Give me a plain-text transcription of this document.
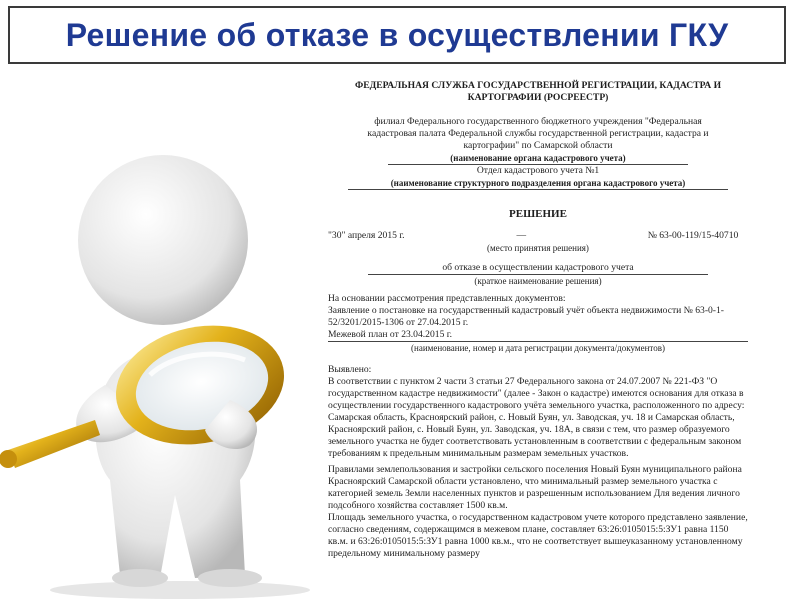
Решение об отказе в осуществлении ГКУ

ФЕДЕРАЛЬНАЯ СЛУЖБА ГОСУДАРСТВЕННОЙ РЕГИСТРАЦИИ, КАДАСТРА И КАРТОГРАФИИ (РОСРЕЕСТР)

филиал Федерального государственного бюджетного учреждения "Федеральная кадастровая палата Федеральной службы государственной регистрации, кадастра и картографии" по Самарской области

(наименование органа кадастрового учета)

Отдел кадастрового учета №1

(наименование структурного подразделения органа кадастрового учета)

РЕШЕНИЕ

"30" апреля 2015 г.	—	№ 63-00-119/15-40710

(место принятия решения)

об отказе в осуществлении кадастрового учета

(краткое наименование решения)

На основании рассмотрения представленных документов:

Заявление о постановке на государственный кадастровый учёт объекта недвижимости № 63-0-1-52/3201/2015-1306 от 27.04.2015 г.

Межевой план от 23.04.2015 г.

(наименование, номер и дата регистрации документа/документов)

Выявлено:

В соответствии с пунктом 2 части 3 статьи 27 Федерального закона от 24.07.2007 № 221-ФЗ "О государственном кадастре недвижимости" (далее - Закон о кадастре) имеются основания для отказа в осуществлении государственного кадастрового учёта земельного участка, расположенного по адресу: Самарская область, Красноярский район, с. Новый Буян, ул. Заводская, уч. 18 и Самарская область, Красноярский район, с. Новый Буян, ул. Заводская, уч. 18А, в связи с тем, что размер образуемого земельного участка не будет соответствовать установленным в соответствии с федеральным законом требованиям к предельным минимальным размерам земельных участков.

Правилами землепользования и застройки сельского поселения Новый Буян муниципального района Красноярский Самарской области установлено, что минимальный размер земельного участка с категорией земель Земли населенных пунктов и разрешенным использованием Для ведения личного подсобного хозяйства составляет 1500 кв.м.

Площадь земельного участка, о государственном кадастровом учете которого представлено заявление, согласно сведениям, содержащимся в межевом плане, составляет 63:26:0105015:5:ЗУ1 равна 1150 кв.м. и 63:26:0105015:5:ЗУ1 равна 1000 кв.м., что не соответствует вышеуказанному установленному предельному минимальному размеру
